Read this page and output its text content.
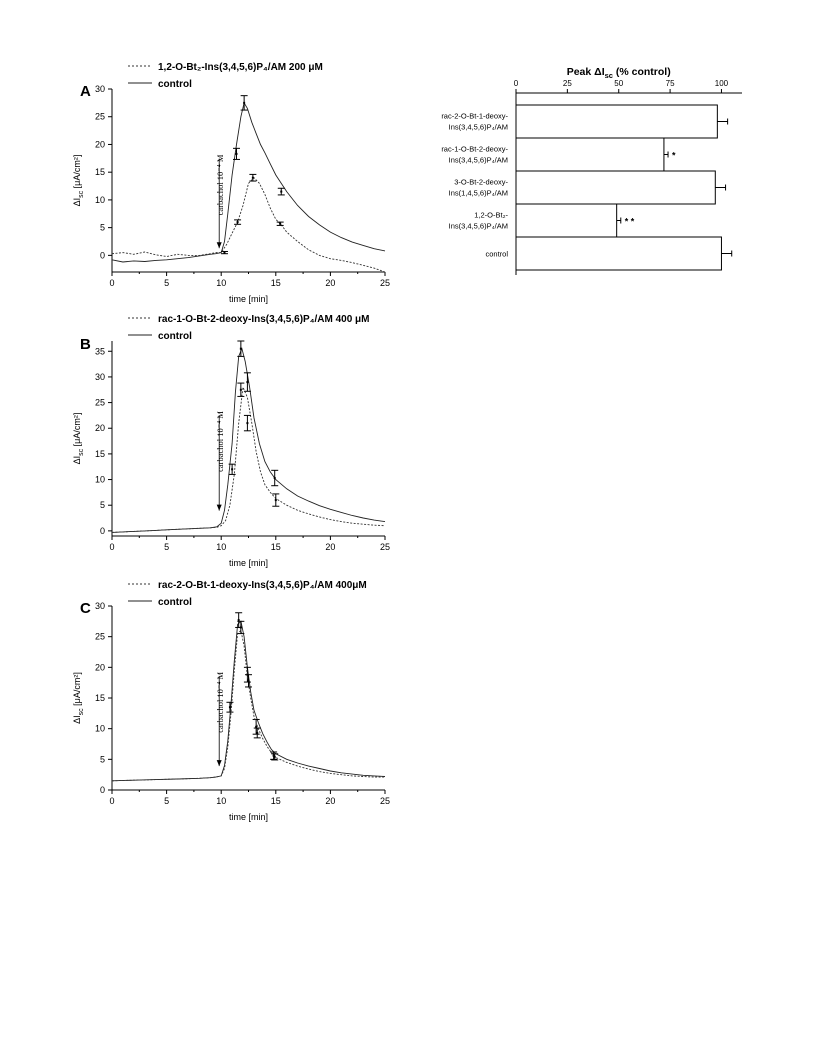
A
1,2-O-Bt₂-Ins(3,4,5,6)P₄/AM 200 μM
control
0	5	10	15	20	25
0
5
10
15
20
25
30
time [min]
$\Delta I_{sc}$ [μA/cm²]	carbachol 10⁻⁴ M
B
rac-1-O-Bt-2-deoxy-Ins(3,4,5,6)P₄/AM 400 μM
control
0	5	10	15	20	25
0
5
10
15
20
25
30
35
time [min]
$\Delta I_{sc}$ [μA/cm²]	carbachol 10⁻⁴ M
C
rac-2-O-Bt-1-deoxy-Ins(3,4,5,6)P₄/AM 400μM
control
0	5	10	15	20	25
0
5
10
15
20
25
30
time [min]
$\Delta I_{sc}$ [μA/cm²]	carbachol 10⁻⁴ M
Peak $\Delta I_{sc}$ (% control)
0	25	50	75	100
rac-2-O-Bt-1-deoxy-
Ins(3,4,5,6)P₄/AM
*
rac-1-O-Bt-2-deoxy-
Ins(3,4,5,6)P₄/AM
3-O-Bt-2-deoxy-
Ins(1,4,5,6)P₄/AM
* *
1,2-O-Bt₂-
Ins(3,4,5,6)P₄/AM
control
